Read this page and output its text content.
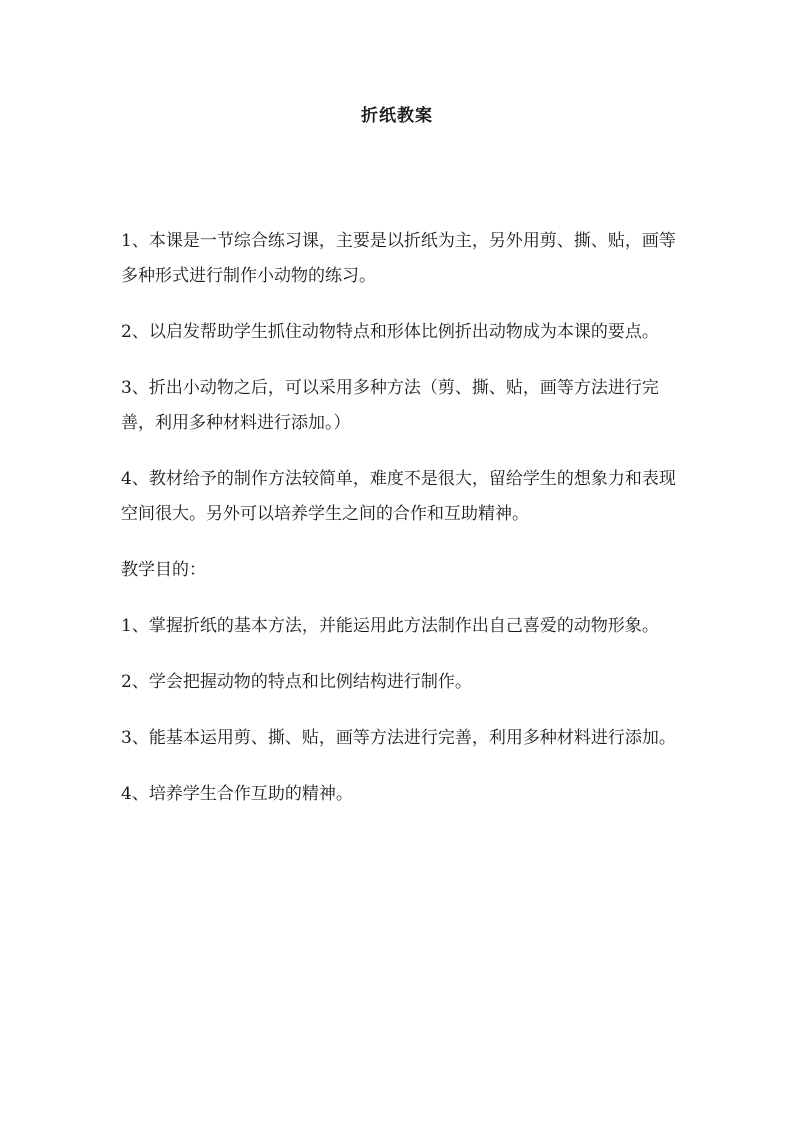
折纸教案

1、本课是一节综合练习课，主要是以折纸为主，另外用剪、撕、贴，画等多种形式进行制作小动物的练习。

2、以启发帮助学生抓住动物特点和形体比例折出动物成为本课的要点。

3、折出小动物之后，可以采用多种方法（剪、撕、贴，画等方法进行完善，利用多种材料进行添加。）

4、教材给予的制作方法较简单，难度不是很大，留给学生的想象力和表现空间很大。另外可以培养学生之间的合作和互助精神。

教学目的：

1、掌握折纸的基本方法，并能运用此方法制作出自己喜爱的动物形象。

2、学会把握动物的特点和比例结构进行制作。

3、能基本运用剪、撕、贴，画等方法进行完善，利用多种材料进行添加。

4、培养学生合作互助的精神。
